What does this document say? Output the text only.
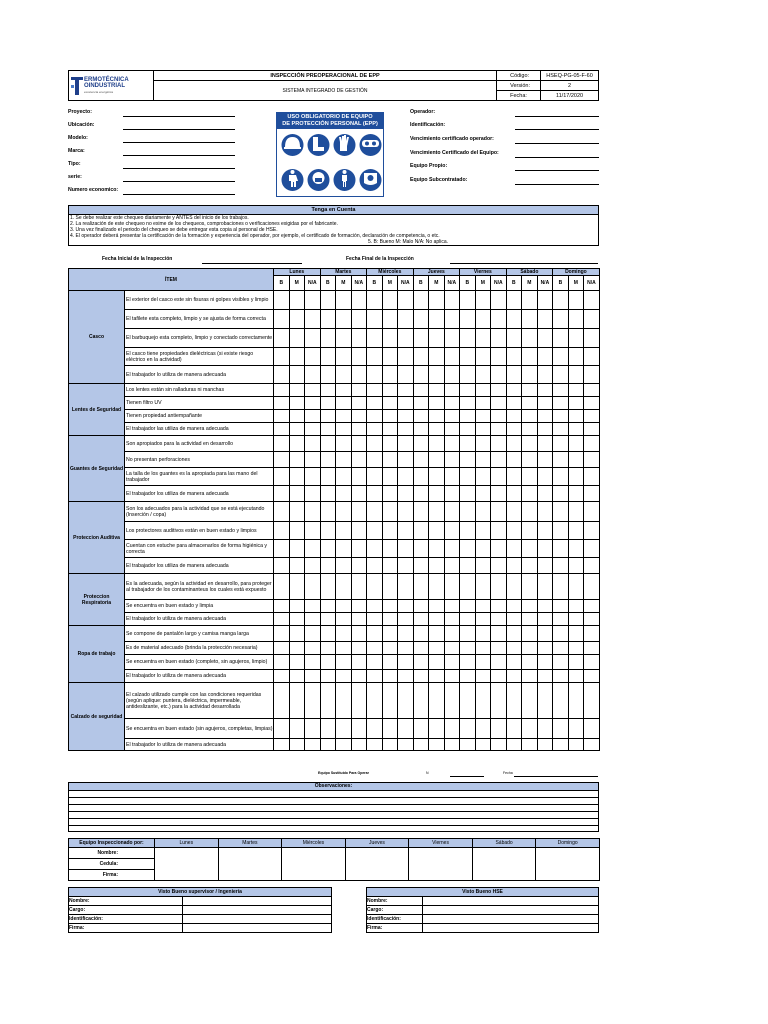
ERMOTÉCNICA
OINDUSTRIAL
excelencia energética	INSPECCIÓN PREOPERACIONAL DE EPP	Código:	HSEQ-PG-05-F-60
	SISTEMA INTEGRADO DE GESTIÓN	Versión:	2
		Fecha:	11/17/2020
Proyecto:
Ubicación:
Modelo:
Marca:
Tipo:
serie:
Numero economico:
Operador:
Identificación:
Vencimiento certificado operador:
Vencimiento Certificado del Equipo:
Equipo Propio:
Equipo Subcontratado:
USO OBLIGATORIO DE EQUIPO
DE PROTECCIÓN PERSONAL (EPP)
Tenga en Cuenta
1. Se debe realizar este chequeo diariamente y ANTES del inicio de los trabajos.
2. La realización de este chequeo no exime de los chequeos, comprobaciones o verificaciones exigidas por el fabricante.
3. Una vez finalizado el periodo del chequeo se debe entregar esta copia al personal de HSE.
4. El operador deberá presentar la certificación de la formación y experiencia del operador, por ejemplo, el certificado de formación, declaración de competencia, o etc.
5. B: Bueno M: Malo N/A: No aplica.
Fecha Inicial de la Inspección	Fecha Final de la Inspección
ÍTEM		Lunes			Martes			Miércoles			Jueves			Viernes			Sábado			Domingo		
		B	M	N/A	B	M	N/A	B	M	N/A	B	M	N/A	B	M	N/A	B	M	N/A	B	M	N/A
Casco	El exterior del casco este sin fisuras ni golpes visibles y limpio																					
	El tafilete esta completo, limpio y se ajusta de forma correcta																					
	El barbuquejo esta completo, limpio y conectado correctamente																					
	El casco tiene propiedades dieléctricas (si existe riesgo eléctrico en la actividad)																					
	El trabajador lo utiliza de manera adecuada																					
Lentes de Seguridad	Los lentes están sin ralladuras ni manchas																					
	Tienen filtro UV																					
	Tienen propiedad antiempañante																					
	El trabajador las utiliza de manera adecuada																					
Guantes de Seguridad	Son apropiados para la actividad en desarrollo																					
	No presentan perforaciones																					
	La talla de los guantes es la apropiada para las mano del trabajador																					
	El trabajador los utiliza de manera adecuada																					
Proteccion Auditiva	Son los adecuados para la actividad que se está ejecutando (Inserción / copa)																					
	Los protectores auditivos están en buen estado y limpios																					
	Cuentan con estuche para almacenarlos de forma higiénica y correcta																					
	El trabajador los utiliza de manera adecuada																					
Proteccion Respiratoria	Es la adecuada, según la actividad en desarrollo, para proteger al trabajador de los contaminanteus los cuales está expuesto																					
	Se encuentra en buen estado y limpia																					
	El trabajador lo utiliza de manera adecuada																					
Ropa de trabajo	Se compone de pantalón largo y camisa manga larga																					
	Es de material adecuado (brinda la protección necesaria)																					
	Se encuentra en buen estado (completo, sin agujeros, limpio)																					
	El trabajador lo utiliza de manera adecuada																					
Calzado de seguridad	El calzado utilizado cumple con las condiciones requeridas (según aplique: puntera, dieléctrica, impermeable, antideslizante, etc.) para la actividad desarrollada																					
	Se encuentra en buen estado (sin agujeros, completas, limpias)																					
	El trabajador lo utiliza de manera adecuada																					
Equipo Sustituido Para Operar	N	Fecha
Observaciones:
Equipo Inspeccionado por:	Lunes	Martes	Miércoles	Jueves	Viernes	Sábado	Domingo
Nombre:							
Cedula:							
Firma:							
Visto Bueno supervisor / Ingeniería	
Nombre:	
Cargo:	
Identificación:	
Firma:	
Visto Bueno HSE	
Nombre:	
Cargo:	
Identificación:	
Firma:	
